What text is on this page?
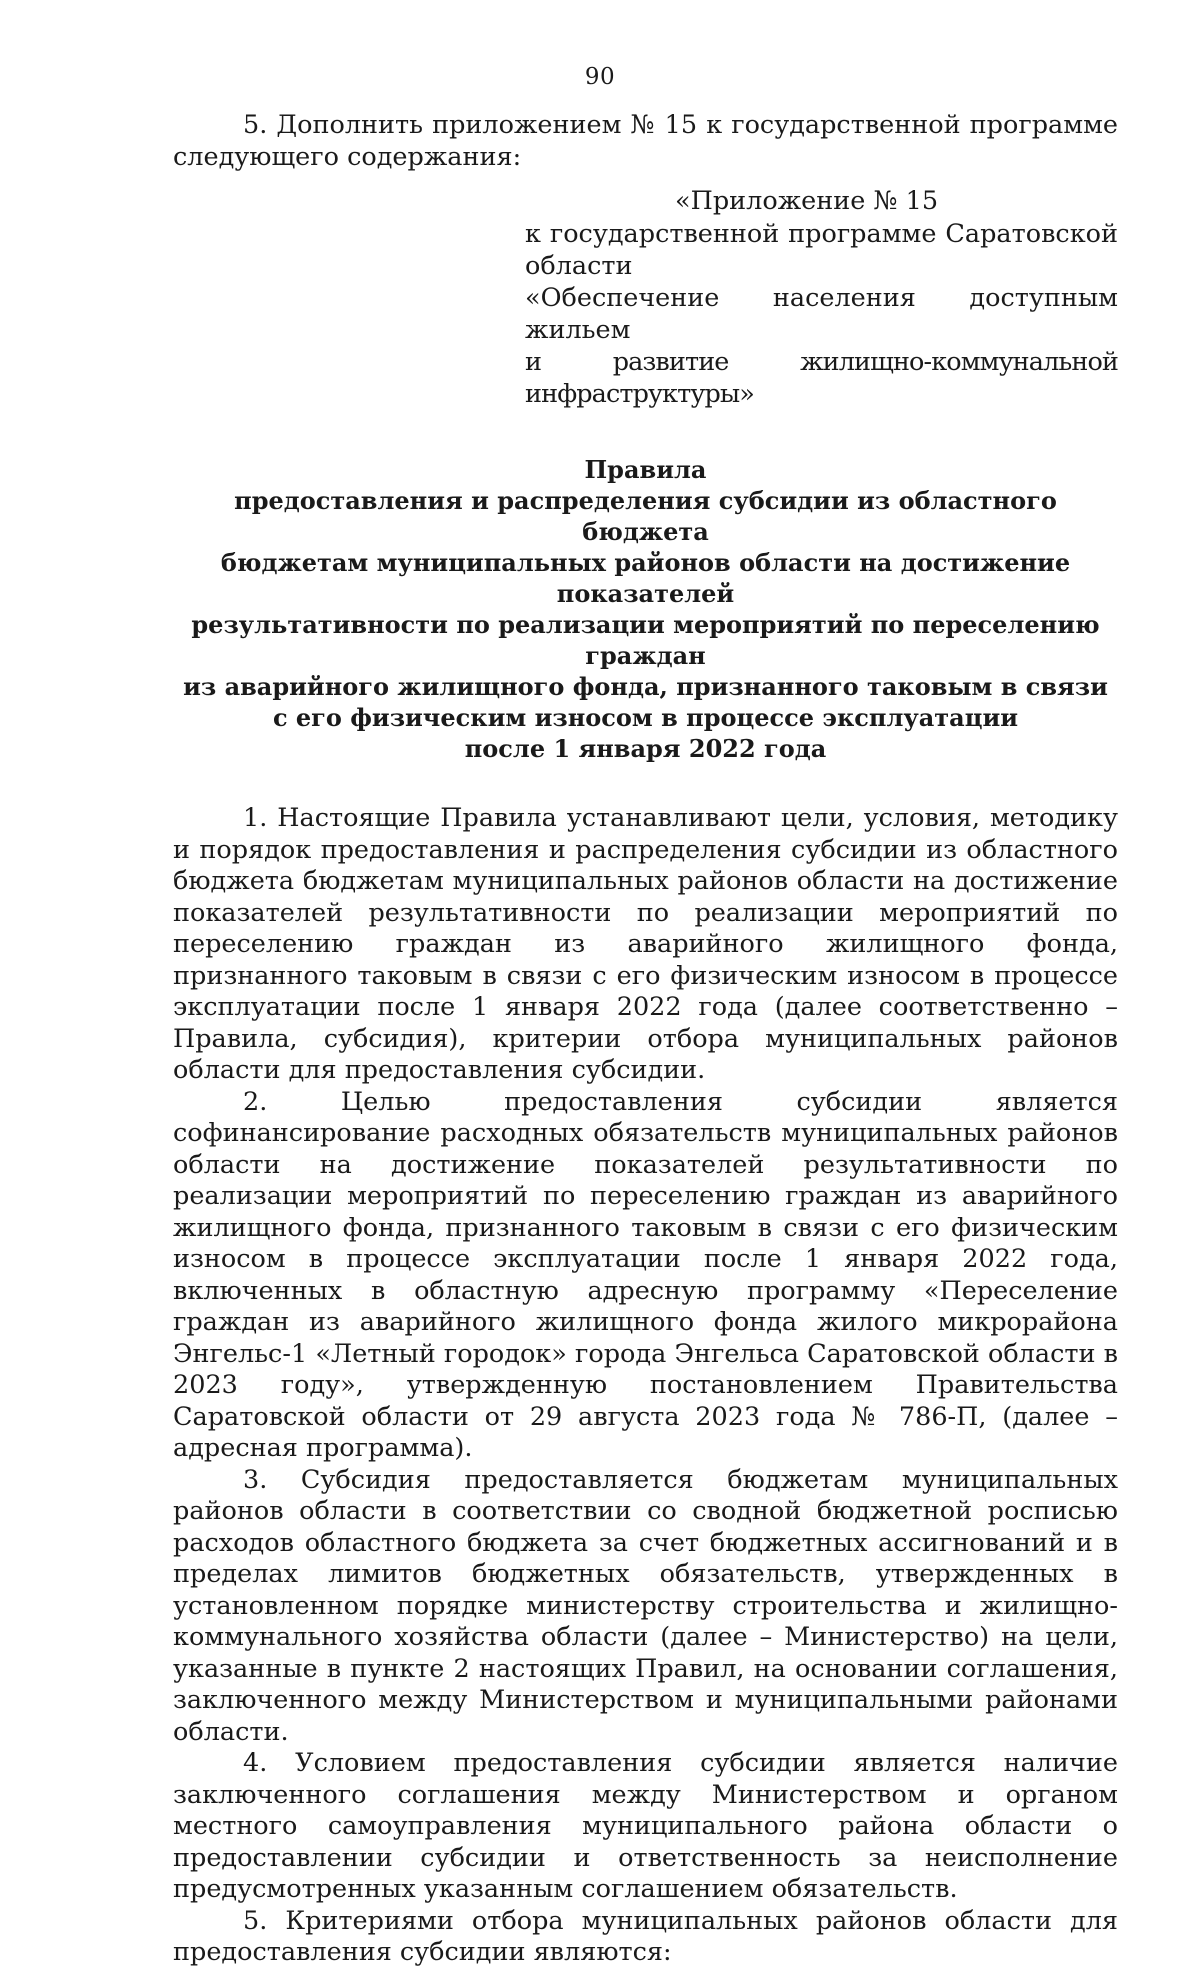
90

5. Дополнить приложением № 15 к государственной программе следующего содержания:

«Приложение № 15
к государственной программе Саратовской области
«Обеспечение населения доступным жильем
и развитие жилищно-коммунальной инфраструктуры»
Правила
предоставления и распределения субсидии из областного бюджета
бюджетам муниципальных районов области на достижение показателей
результативности по реализации мероприятий по переселению граждан
из аварийного жилищного фонда, признанного таковым в связи
с его физическим износом в процессе эксплуатации
после 1 января 2022 года

1. Настоящие Правила устанавливают цели, условия, методику и порядок предоставления и распределения субсидии из областного бюджета бюджетам муниципальных районов области на достижение показателей результативности по реализации мероприятий по переселению граждан из аварийного жилищного фонда, признанного таковым в связи с его физическим износом в процессе эксплуатации после 1 января 2022 года (далее соответственно – Правила, субсидия), критерии отбора муниципальных районов области для предоставления субсидии.

2. Целью предоставления субсидии является софинансирование расходных обязательств муниципальных районов области на достижение показателей результативности по реализации мероприятий по переселению граждан из аварийного жилищного фонда, признанного таковым в связи с его физическим износом в процессе эксплуатации после 1 января 2022 года, включенных в областную адресную программу «Переселение граждан из аварийного жилищного фонда жилого микрорайона Энгельс-1 «Летный городок» города Энгельса Саратовской области в 2023 году», утвержденную постановлением Правительства Саратовской области от 29 августа 2023 года № 786-П, (далее – адресная программа).

3. Субсидия предоставляется бюджетам муниципальных районов области в соответствии со сводной бюджетной росписью расходов областного бюджета за счет бюджетных ассигнований и в пределах лимитов бюджетных обязательств, утвержденных в установленном порядке министерству строительства и жилищно-коммунального хозяйства области (далее – Министерство) на цели, указанные в пункте 2 настоящих Правил, на основании соглашения, заключенного между Министерством и муниципальными районами области.

4. Условием предоставления субсидии является наличие заключенного соглашения между Министерством и органом местного самоуправления муниципального района области о предоставлении субсидии и ответственность за неисполнение предусмотренных указанным соглашением обязательств.

5. Критериями отбора муниципальных районов области для предоставления субсидии являются:
